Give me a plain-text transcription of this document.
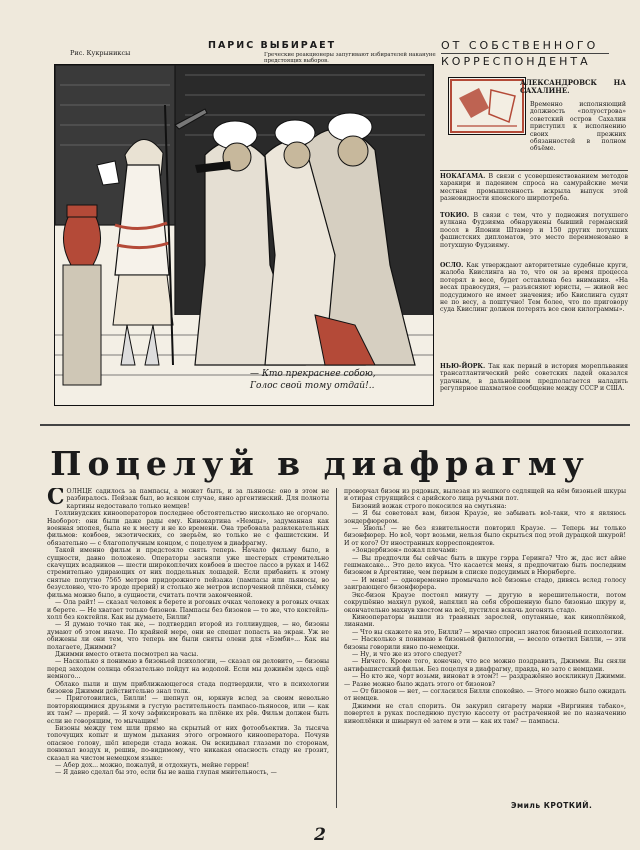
Рис. Кукрыниксы
ПАРИС ВЫБИРАЕТ
Греческие реакционеры запугивают избирателей накануне предстоящих выборов.
ОТ СОБСТВЕННОГО
КОРРЕСПОНДЕНТА
— Кто прекраснее собою,
Голос свой тому отдай!..
АЛЕКСАНДРОВСК НА САХАЛИНЕ.
Временно исполняющий должность «полуострова» советский остров Сахалин приступил к исполнению своих прежних обязанностей в полном объёме.
НОКАГАМА. В связи с усовершенствованием методов харакири и падением спроса на самурайские мечи местная промышленность вскрыла выпуск этой разновидности японского ширпотреба.
ТОКИО. В связи с тем, что у подножия потухшего вулкана Фудзияма обнаружены бывший германский посол в Японии Штамер и 150 других потухших фашистских дипломатов, это место переименовано в потухшую Фудзияму.
ОСЛО. Как утверждают авторитетные судебные круги, жалоба Квислинга на то, что он за время процесса потерял в весе, будет оставлена без внимания. «На весах правосудия, — разъясняют юристы, — живой вес подсудимого не имеет значения; ибо Квислинга судят не по весу, а поштучно! Тем более, что по приговору суда Квислинг должен потерять все свои килограммы».
НЬЮ-ЙОРК. Так как первый в история морепльвания трансатлантический рейс советских ладей оказался удачным, в дальнейшем предполагается наладить регулярное шахматное сообщение между СССР и США.
Поцелуй в диафрагму
С ОЛНЦЕ садилось за пампасы, а может быть, и за льяносы: оно в этом не разбиралось. Пейзаж был, во всяком случае, явно аргентинский. Для полноты картины недоставало только немцев!

Голливудских кинооператоров последнее обстоятельство нисколько не огорчало. Наоборот: они были даже рады ему. Кинокартина «Немцы», задуманная как военная эпопея, была не к месту и не ко времени. Она требовала развлекательных фильмов: ковбоев, экзотических, со зверьём, но только не с фашистским. И обязательно — с благополучным концом, с поцелуем в диафрагму.

Такой именно фильм и предстояло снять теперь. Начало фильму было, в сущности, давно положено. Операторы засняли уже шестерых стремительно скачущих всадников — шести широкоплечих ковбоев в шестое лассо в руках и 1462 стремительно удирающих от них поддельных лошадей. Если прибавить к этому снятые попутно 7565 метров придорожного пейзажа (пампасы или льяносы, во безусловно, что-то вроде прерий) и столько же метров испорченной плёнки, съёмку фильма можно было, в сущности, считать почти законченной.

— Ола райт! — сказал человек в берете и роговых очках человеку в роговых очках и берете. — Не хватает только бизонов. Пампасы без бизонов — то же, что коктейль-холл без коктейля. Как вы думаете, Билли?

— Я думаю точно так же, — подтвердил второй из голливудцев, — но, бизоны думают об этом иначе. По крайней мере, они не спешат попасть на экран. Уж не обижены ли они тем, что теперь им были сняты олени для «Бэмби»... Как вы полагаете, Джимми?

Джимми вместо ответа посмотрел на часы.

— Насколько я понимаю в бизоньей психологии, — сказал он деловито, — бизоны перед заходом солнца обязательно пойдут на водопой. Если мы доживём здесь ещё немного...

Облако пыли и шум приближающегося стада подтвердили, что в психологии бизонов Джимми действительно знал толк.

— Приготовились, Билли! — шепнул он, юркнув вслед за своим невольно повторяющимися друзьями в густую растительность пампасо-льяносов, или — как их там? — прерий. — Я хочу зафиксировать на плёнке их рёв. Фильм должен быть если не говорящим, то мычащим!

Бизоны между тем шли прямо на скрытый от них фотообъектив. За тысяча топочущих копыт и шумом дыхания этого огромного кинооператора. Почуяв опасное голову, шёл впереди стада вожак. Он вскидывал глазами по сторонам, понюхал воздух и, решив, по-видимому, что никакая опасность стаду не грозит, сказал на чистом немецком языке:

— Абер дох... можно, пожалуй, и отдохнуть, мейне геррен!

— Я давно сделал бы это, если бы не ваша глупая мнительность, —

проворчал бизон из рядовых, вылезая из нешкого седлящей на нём бизоньей шкуры и отирая струящийся с арийского лица ручьями пот.

Бизоний вожак строго покосился на смутьяна:

— Я бы советовал вам, бизон Краузе, не забывать всё-таки, что я являюсь зондерфюрером.

— Яволь! — не без язвительности повторил Краузе. — Теперь вы только бизонфюрер. Но всё, чорт возьми, нельзя было скрыться под этой дурацкой шкурой! И от кого? От иностранных корреспондентов.

«Зондербизон» пожал плечами:

— Вы предпочли бы сейчас быть в шкуре гэрра Геринга? Что ж, дас ист айне гешмаксаке... Это дело вкуса. Что касается меня, я предпочитаю быть последним бизоном в Аргентине, чем первым в списке подсудимых в Нюрнберге.

— И меня! — одновременно промычало всё бизонье стадо, дивясь вслед голосу заиграющего бизонфюрера.

Экс-бизон Краузе постоял минуту — другую в нерешительности, потом сокрушённо махнул рукой, напялил на себя сброшенную было бизонью шкуру и, окончательно махнув хвостом на всё, пустился вскачь догонять стадо.

Кинооператоры вышли из травяных зарослей, опутанные, как киноплёнкой, лианами.

— Что вы скажете на это, Билли? — мрачно спросил знаток бизоньей психологии.

— Насколько я понимаю в бизоньей филологии, — весело ответил Билли, — эти бизоны говорили явно по-немецки.

— Ну, и что же из этого следует?

— Ничего. Кроме того, конечно, что все можно поздравить, Джимми. Вы сняли антифашистский фильм. Без поцелуя в диафрагму, правда, но зато с немцами.

— Но кто же, чорт возьми, виноват в этом?! — раздражённо воскликнул Джимми. — Разве можно было ждать этого от бизонов?

— От бизонов — нет, — согласился Билли спокойно. — Этого можно было ожидать от немцев.

Джимми не стал спорить. Он закурил сигарету марки «Виргиния табако», повертел в руках последнюю пустую кассету от растраченной не по назначению киноплёнки и швырнул её затем в эти — как их там? — пампасы.

Эмиль КРОТКИЙ.
2
